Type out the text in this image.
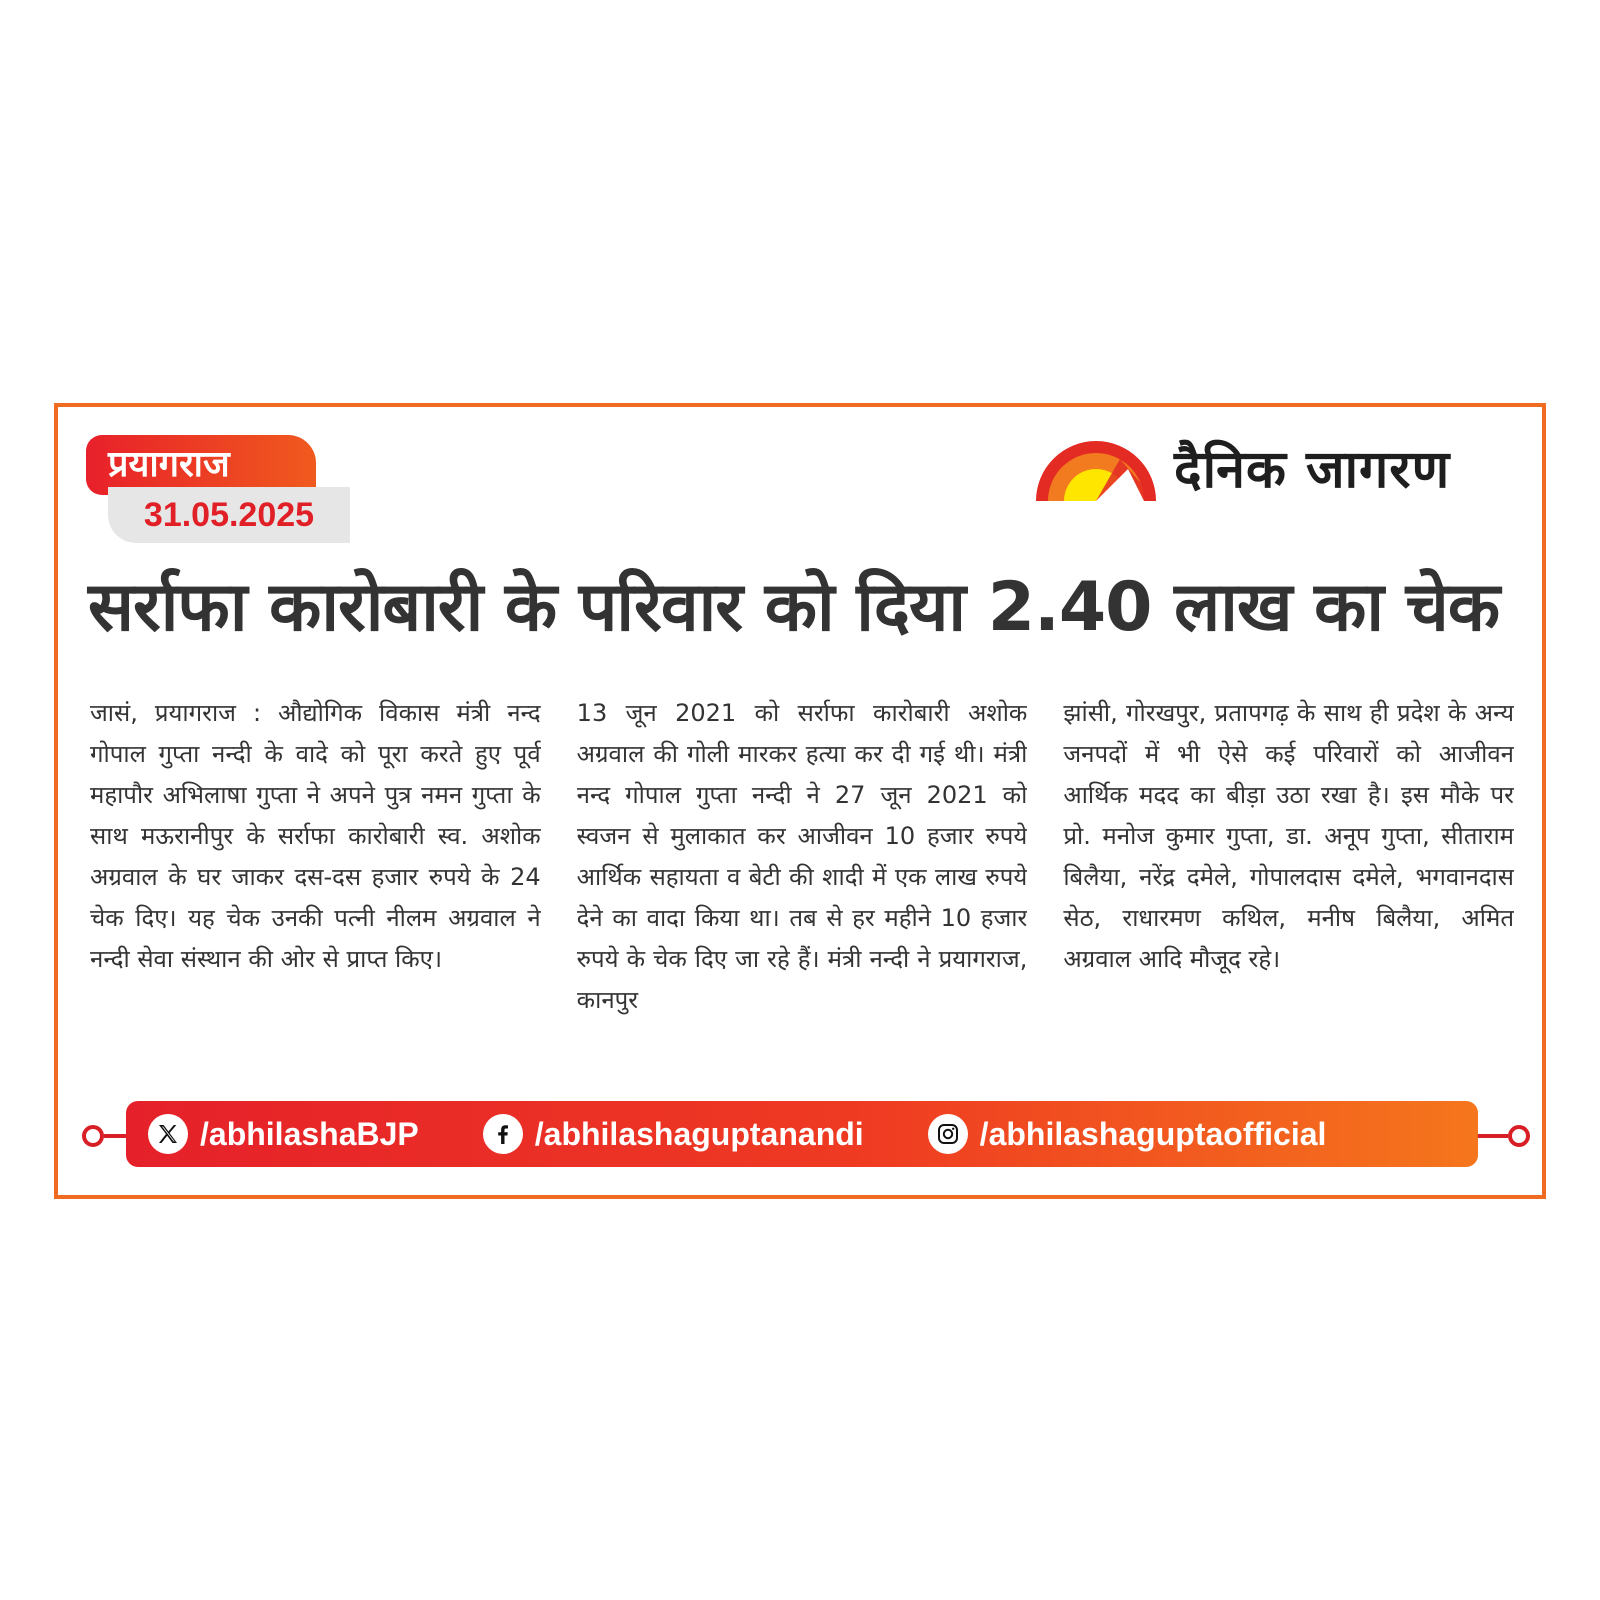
प्रयागराज
31.05.2025
दैनिक जागरण
सर्राफा कारोबारी के परिवार को दिया 2.40 लाख का चेक

जासं, प्रयागराज : औद्योगिक विकास मंत्री नन्द गोपाल गुप्ता नन्दी के वादे को पूरा करते हुए पूर्व महापौर अभिलाषा गुप्ता ने अपने पुत्र नमन गुप्ता के साथ मऊरानीपुर के सर्राफा कारोबारी स्व. अशोक अग्रवाल के घर जाकर दस-दस हजार रुपये के 24 चेक दिए। यह चेक उनकी पत्नी नीलम अग्रवाल ने नन्दी सेवा संस्थान की ओर से प्राप्त किए।

13 जून 2021 को सर्राफा कारोबारी अशोक अग्रवाल की गोली मारकर हत्या कर दी गई थी। मंत्री नन्द गोपाल गुप्ता नन्दी ने 27 जून 2021 को स्वजन से मुलाकात कर आजीवन 10 हजार रुपये आर्थिक सहायता व बेटी की शादी में एक लाख रुपये देने का वादा किया था। तब से हर महीने 10 हजार रुपये के चेक दिए जा रहे हैं। मंत्री नन्दी ने प्रयागराज, कानपुर

झांसी, गोरखपुर, प्रतापगढ़ के साथ ही प्रदेश के अन्य जनपदों में भी ऐसे कई परिवारों को आजीवन आर्थिक मदद का बीड़ा उठा रखा है। इस मौके पर प्रो. मनोज कुमार गुप्ता, डा. अनूप गुप्ता, सीताराम बिलैया, नरेंद्र दमेले, गोपालदास दमेले, भगवानदास सेठ, राधारमण कथिल, मनीष बिलैया, अमित अग्रवाल आदि मौजूद रहे।

/abhilashaBJP	/abhilashaguptanandi	/abhilashaguptaofficial
